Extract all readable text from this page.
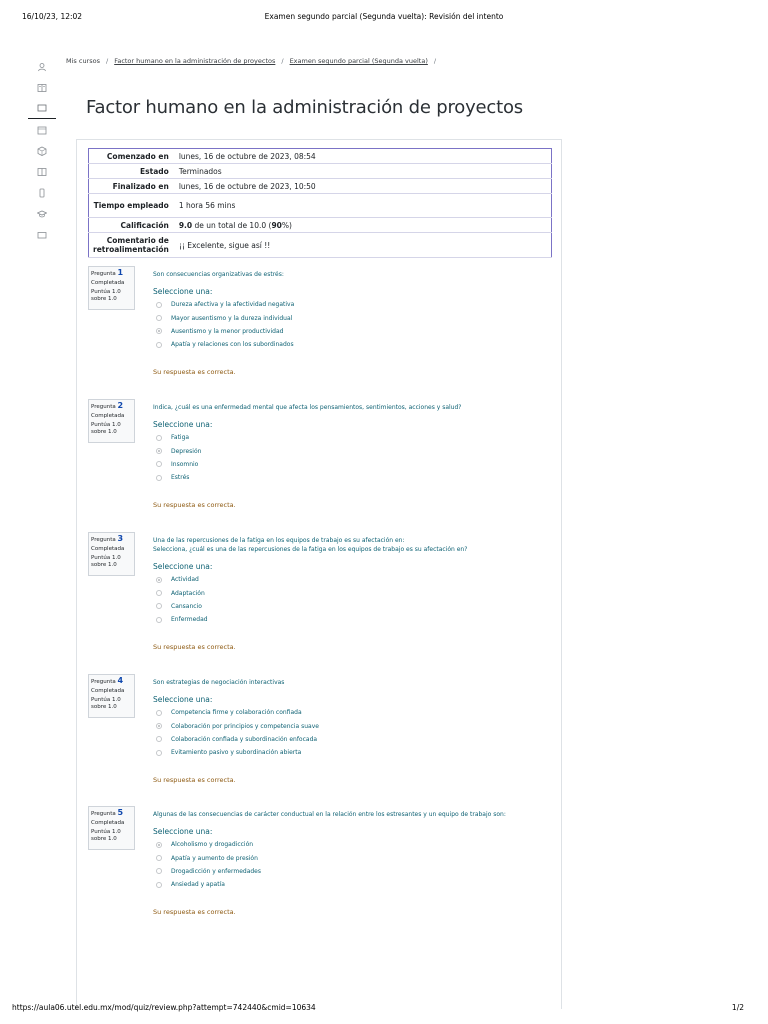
16/10/23, 12:02	Examen segundo parcial (Segunda vuelta): Revisión del intento
Mis cursos / Factor humano en la administración de proyectos / Examen segundo parcial (Segunda vuelta) /
Factor humano en la administración de proyectos
Comenzado en	lunes, 16 de octubre de 2023, 08:54
Estado	Terminados
Finalizado en	lunes, 16 de octubre de 2023, 10:50
Tiempo empleado	1 hora 56 mins
Calificación	9.0 de un total de 10.0 (90%)
Comentario de retroalimentación	¡¡ Excelente, sigue así !!
Pregunta 1
Completada
Puntúa 1.0
sobre 1.0
Son consecuencias organizativas de estrés:
Seleccione una:
Dureza afectiva y la afectividad negativa
Mayor ausentismo y la dureza individual
Ausentismo y la menor productividad
Apatía y relaciones con los subordinados
Su respuesta es correcta.
Pregunta 2
Completada
Puntúa 1.0
sobre 1.0
Indica, ¿cuál es una enfermedad mental que afecta los pensamientos, sentimientos, acciones y salud?
Seleccione una:
Fatiga
Depresión
Insomnio
Estrés
Su respuesta es correcta.
Pregunta 3
Completada
Puntúa 1.0
sobre 1.0
Una de las repercusiones de la fatiga en los equipos de trabajo es su afectación en:
Selecciona, ¿cuál es una de las repercusiones de la fatiga en los equipos de trabajo es su afectación en?
Seleccione una:
Actividad
Adaptación
Cansancio
Enfermedad
Su respuesta es correcta.
Pregunta 4
Completada
Puntúa 1.0
sobre 1.0
Son estrategias de negociación interactivas
Seleccione una:
Competencia firme y colaboración confiada
Colaboración por principios y competencia suave
Colaboración confiada y subordinación enfocada
Evitamiento pasivo y subordinación abierta
Su respuesta es correcta.
Pregunta 5
Completada
Puntúa 1.0
sobre 1.0
Algunas de las consecuencias de carácter conductual en la relación entre los estresantes y un equipo de trabajo son:
Seleccione una:
Alcoholismo y drogadicción
Apatía y aumento de presión
Drogadicción y enfermedades
Ansiedad y apatía
Su respuesta es correcta.
https://aula06.utel.edu.mx/mod/quiz/review.php?attempt=742440&cmid=10634	1/2
